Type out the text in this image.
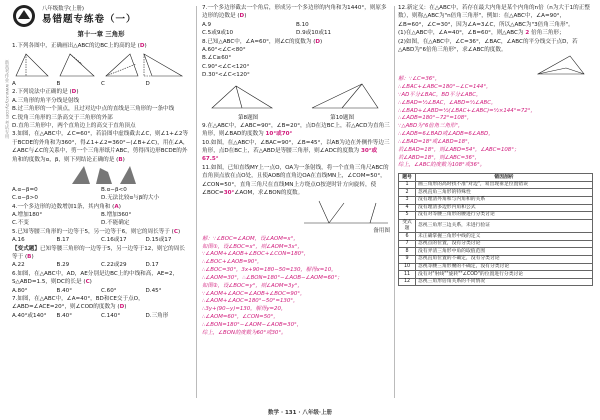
新高考作业 www.xcyzy.com 考试专用
八年级数学(上册)
易错题专练卷（一）
第十一章 三角形

1.下列各图中，正确画出△ABC的边BC上的高的是 (D)

A	B	C	D

2.下列说法中正确的是 (D)

A.三角形的角平分线是射线
B.过三角形的一个顶点，且过对边中点的直线是三角形的一条中线
C.锐角三角形的三条高交于三角形的外部
D.直角三角形中，两个直角边上的高交于直角顶点

3.如图，在△ABC中，∠C=60°，若沿图中虚线截去∠C，则∠1+∠2等于BCDE的外角和为360°，得∠1+∠2=360°−(∠B+∠C)，用在∠A，∠ABC与∠C的关系中，剪一个三角形纸片ABC，剪得四边形BCDE的外角和的度数为α，β，则下列结论正确的是 (B)

A.α−β=0	B.α−β<0
C.α−β>0	D.无法比较α与β的大小

4.一个多边形的边数增加1条，其内角和 (A)

A.增加180°	B.增加360°
C.不变	D.不能确定

5.已知等腰三角形的一边等于5，另一边等于6，则它的周长等于 (C)

A.16	B.17	C.16或17	D.15或17

【变式题】已知等腰三角形的一边等于5，另一边等于12，则它的周长等于 (B)

A.22	B.29	C.22或29	D.17

6.如图，在△ABC中，AD，AE分别是边BC上的中线和高，AE=2，S△ABD=1.5，则DC的长是 (C)

A.80°	B.40°	C.60°	D.45°

7.如图，在△ABC中，∠A=40°，BD和CE交于点O，∠ABD=∠ACE=20°，则∠COD的度数为 (D)

A.40°或140°	B.40°	C.140°	D.三角形

7.一个多边形截去一个角后，形成另一个多边形的内角和为1440°，则原多边形的边数是 (D)

A.9	B.10
C.5或9或10	D.9或10或11

8.已知△ABC中，∠A=60°，则∠C的度数为 (D)

A.60°<∠C<80°
B.∠C≥60°
C.90°<∠C<120°
D.30°<∠C<120°
第8题图	第10题图

9.在△ABC中，∠ABC=90°，∠B=20°，点D在边BC上，若△ACD为直角三角形，则∠BAD的度数为 10°或70°

10.如图，在△ABC中，∠BAC=90°，∠B=45°，以AB为边在外侧作等边三角形，点D在BC上，若△ABD是等腰三角形，则∠ADC的度数为 30°或67.5°

11.如图，已知直线MY上一点O，OA为一条射线，将一个直角三角尺ABC的直角顶点放在点O处，且使AOB的直角边OA在直线MN上，∠COM=50°，∠CON=50°，直角三角尺在直线MN上方绕点O按逆时针方向旋转，使∠BOC=30°∠AOM，求∠BON的度数。

备用图
解：∵∠BOC=∠AOM，设∠AOM=x°，
如图①，设∠BOC=x°，则∠AOM=3x°，
∵∠AOM+∠AOB+∠BOC+∠CON=180°，
∴∠BOC+∠AOB=90°，
∴∠BOC=30°，3x+90=180−50=130，解得x=10，
∴∠AOM=30°，∴∠BON=180°−∠AOB−∠AOM=60°；
如图②，设∠BOC=y°，则∠AOM=3y°，
∵∠AOM+∠AOC=∠AOB+∠BOC=90°，
∴∠AOM+∠AOC=180°−50°=130°，
∴3y+(90−y)=130，解得y=20，
∴∠AOM=60°，∠CON=50°，
∴∠BON=180°−∠AOM−∠AOB=30°，
综上，∠BON的度数为60°或30°。

12.新定义：在△ABC中，若存在最大内角是某个内角的n倍（n为大于1的正整数），则称△ABC为"n倍角三角形"，例如：在△ABC中，∠A=90°，∠B=60°，∠C=30°，因为∠A=3∠C，所以△ABC为"3倍角三角形"。

(1)在△ABC中，∠A=40°，∠B=60°，则△ABC为 2 倍角三角形；

(2)如图，在△ABC中，∠C=36°，∠BAC，∠ABC的平分线交于点D，若△ABD为"6倍角三角形"，求∠ABC的度数。

解：∵∠C=36°，
∴∠BAC+∠ABC=180°−∠C=144°，
∵AD平分∠BAC，BD平分∠ABC，
∴∠BAD=½∠BAC，∠ABD=½∠ABC，
∴∠BAD+∠ABD=½(∠BAC+∠ABC)=½×144°=72°，
∴∠ADB=180°−72°=108°，
∵△ABD为"6倍角三角形"，
∴∠ADB=6∠BAD或∠ADB=6∠ABD，
∴∠BAD=18°或∠ABD=18°，
若∠BAD=18°，则∠ABD=54°，∠ABC=108°；
若∠ABD=18°，则∠ABC=36°，
综上，∠ABC的度数为108°或36°。
题号	错因剖析
1	画三角形的高时找不准"对边"，易出现垂足位置错误
2	忽视直角三角形的特殊性
3	没有理清外角和与内角和的关系
4	没有理清多边形内角和公式
5	没有对等腰三角形的腰进行分类讨论
变式题	忽视三角形三边关系，未进行验证
6	未正确掌握三角形中线的定义
7	忽视点的位置，没有分类讨论
8	没有弄清三角形中角的取值范围
9	忽视直角位置的不确定，没有分类讨论
10	忽视等腰三角形腰的不确定，没有分类讨论
11	没有对"射线""旋转""∠COD"的位置进行分类讨论
12	忽视三角形倍角关系的不同情况
数学 · 131 · 八年级·上册
